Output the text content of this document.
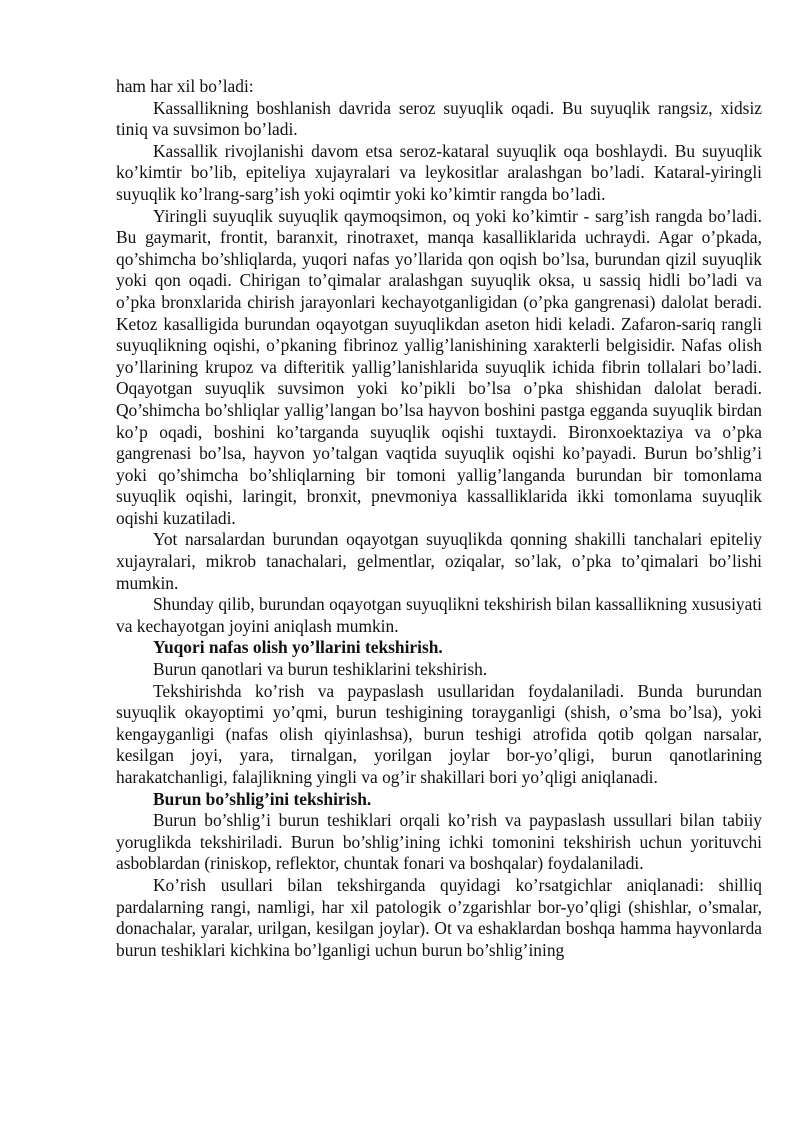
ham har xil bo’ladi:

Kassallikning boshlanish davrida seroz suyuqlik oqadi. Bu suyuqlik rangsiz, xidsiz tiniq va suvsimon bo’ladi.

Kassallik rivojlanishi davom etsa seroz-kataral suyuqlik oqa boshlaydi. Bu suyuqlik ko’kimtir bo’lib, epiteliya xujayralari va leykositlar aralashgan bo’ladi. Kataral-yiringli suyuqlik ko’lrang-sarg’ish yoki oqimtir yoki ko’kimtir rangda bo’ladi.

Yiringli suyuqlik suyuqlik qaymoqsimon, oq yoki ko’kimtir - sarg’ish rangda bo’ladi. Bu gaymarit, frontit, baranxit, rinotraxet, manqa kasalliklarida uchraydi. Agar o’pkada, qo’shimcha bo’shliqlarda, yuqori nafas yo’llarida qon oqish bo’lsa, burundan qizil suyuqlik yoki qon oqadi. Chirigan to’qimalar aralashgan suyuqlik oksa, u sassiq hidli bo’ladi va o’pka bronxlarida chirish jarayonlari kechayotganligidan (o’pka gangrenasi) dalolat beradi. Ketoz kasalligida burundan oqayotgan suyuqlikdan aseton hidi keladi. Zafaron-sariq rangli suyuqlikning oqishi, o’pkaning fibrinoz yallig’lanishining xarakterli belgisidir. Nafas olish yo’llarining krupoz va difteritik yallig’lanishlarida suyuqlik ichida fibrin tollalari bo’ladi. Oqayotgan suyuqlik suvsimon yoki ko’pikli bo’lsa o’pka shishidan dalolat beradi. Qo’shimcha bo’shliqlar yallig’langan bo’lsa hayvon boshini pastga egganda suyuqlik birdan ko’p oqadi, boshini ko’targanda suyuqlik oqishi tuxtaydi. Bironxoektaziya va o’pka gangrenasi bo’lsa, hayvon yo’talgan vaqtida suyuqlik oqishi ko’payadi. Burun bo’shlig’i yoki qo’shimcha bo’shliqlarning bir tomoni yallig’langanda burundan bir tomonlama suyuqlik oqishi, laringit, bronxit, pnevmoniya kassalliklarida ikki tomonlama suyuqlik oqishi kuzatiladi.

Yot narsalardan burundan oqayotgan suyuqlikda qonning shakilli tanchalari epiteliy xujayralari, mikrob tanachalari, gelmentlar, oziqalar, so’lak, o’pka to’qimalari bo’lishi mumkin.

Shunday qilib, burundan oqayotgan suyuqlikni tekshirish bilan kassallikning xususiyati va kechayotgan joyini aniqlash mumkin.

Yuqori nafas olish yo’llarini tekshirish.

Burun qanotlari va burun teshiklarini tekshirish.

Tekshirishda ko’rish va paypaslash usullaridan foydalaniladi. Bunda burundan suyuqlik okayoptimi yo’qmi, burun teshigining torayganligi (shish, o’sma bo’lsa), yoki kengayganligi (nafas olish qiyinlashsa), burun teshigi atrofida qotib qolgan narsalar, kesilgan joyi, yara, tirnalgan, yorilgan joylar bor-yo’qligi, burun qanotlarining harakatchanligi, falajlikning yingli va og’ir shakillari bori yo’qligi aniqlanadi.

Burun bo’shlig’ini tekshirish.

Burun bo’shlig’i burun teshiklari orqali ko’rish va paypaslash ussullari bilan tabiiy yoruglikda tekshiriladi. Burun bo’shlig’ining ichki tomonini tekshirish uchun yorituvchi asboblardan (riniskop, reflektor, chuntak fonari va boshqalar) foydalaniladi.

Ko’rish usullari bilan tekshirganda quyidagi ko’rsatgichlar aniqlanadi: shilliq pardalarning rangi, namligi, har xil patologik o’zgarishlar bor-yo’qligi (shishlar, o’smalar, donachalar, yaralar, urilgan, kesilgan joylar). Ot va eshaklardan boshqa hamma hayvonlarda burun teshiklari kichkina bo’lganligi uchun burun bo’shlig’ining
